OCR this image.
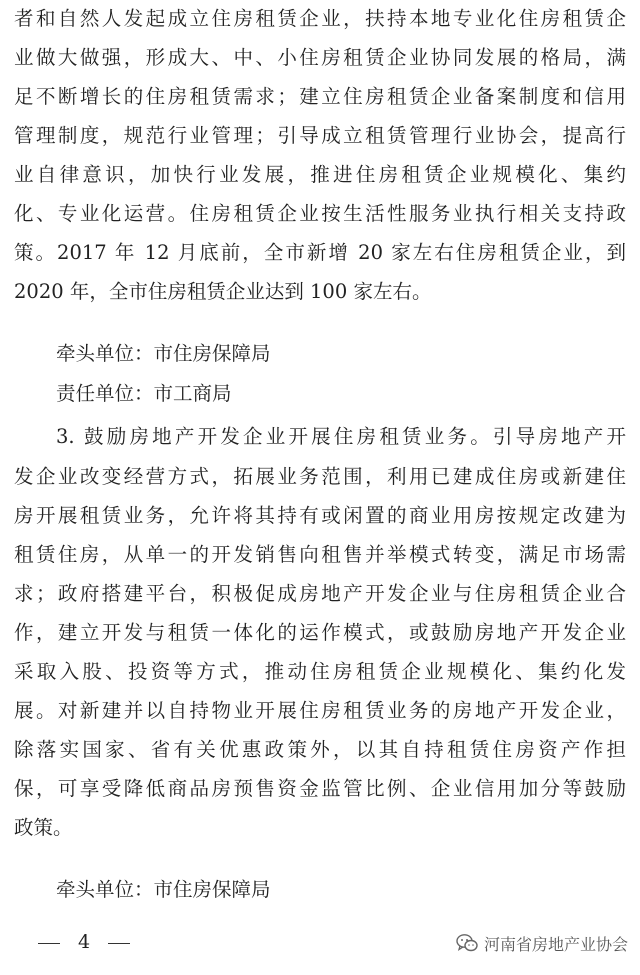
者和自然人发起成立住房租赁企业，扶持本地专业化住房租赁企
业做大做强，形成大、中、小住房租赁企业协同发展的格局，满
足不断增长的住房租赁需求；建立住房租赁企业备案制度和信用
管理制度，规范行业管理；引导成立租赁管理行业协会，提高行
业自律意识，加快行业发展，推进住房租赁企业规模化、集约
化、专业化运营。住房租赁企业按生活性服务业执行相关支持政
策。2017 年 12 月底前，全市新增 20 家左右住房租赁企业，到
2020 年，全市住房租赁企业达到 100 家左右。
牵头单位：市住房保障局
责任单位：市工商局
3. 鼓励房地产开发企业开展住房租赁业务。引导房地产开
发企业改变经营方式，拓展业务范围，利用已建成住房或新建住
房开展租赁业务，允许将其持有或闲置的商业用房按规定改建为
租赁住房，从单一的开发销售向租售并举模式转变，满足市场需
求；政府搭建平台，积极促成房地产开发企业与住房租赁企业合
作，建立开发与租赁一体化的运作模式，或鼓励房地产开发企业
采取入股、投资等方式，推动住房租赁企业规模化、集约化发
展。对新建并以自持物业开展住房租赁业务的房地产开发企业，
除落实国家、省有关优惠政策外，以其自持租赁住房资产作担
保，可享受降低商品房预售资金监管比例、企业信用加分等鼓励
政策。
牵头单位：市住房保障局
4	河南省房地产业协会
